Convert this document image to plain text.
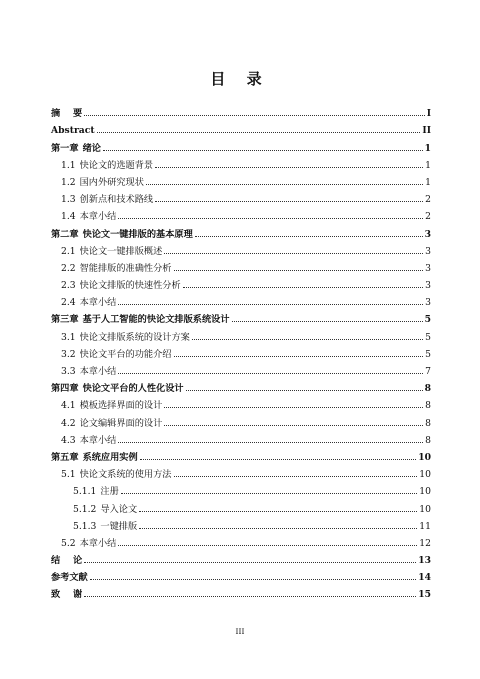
目 录
摘    要	I
Abstract	II
第一章 绪论	1
1.1 快论文的选题背景	1
1.2 国内外研究现状	1
1.3 创新点和技术路线	2
1.4 本章小结	2
第二章 快论文一键排版的基本原理	3
2.1 快论文一键排版概述	3
2.2 智能排版的准确性分析	3
2.3 快论文排版的快速性分析	3
2.4 本章小结	3
第三章 基于人工智能的快论文排版系统设计	5
3.1 快论文排版系统的设计方案	5
3.2 快论文平台的功能介绍	5
3.3 本章小结	7
第四章 快论文平台的人性化设计	8
4.1 模板选择界面的设计	8
4.2 论文编辑界面的设计	8
4.3 本章小结	8
第五章 系统应用实例	10
5.1 快论文系统的使用方法	10
5.1.1 注册	10
5.1.2 导入论文	10
5.1.3 一键排版	11
5.2 本章小结	12
结    论	13
参考文献	14
致    谢	15
III
